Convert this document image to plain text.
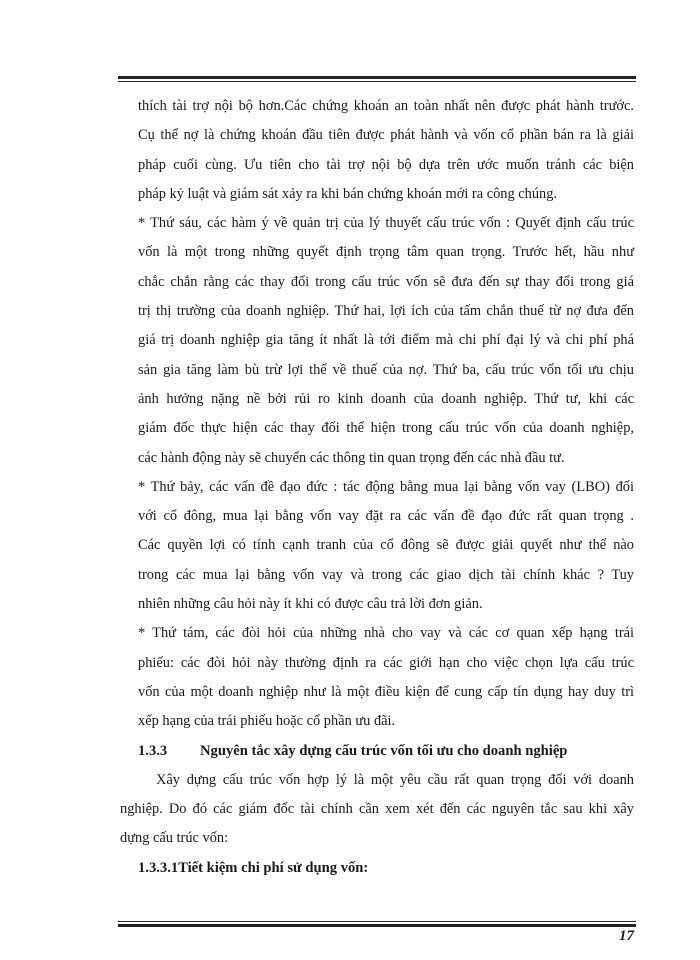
thích tài trợ nội bộ hơn.Các chứng khoán an toàn nhất nên được phát hành trước.
Cụ thể nợ là chứng khoán đầu tiên được phát hành và vốn cổ phần bán ra là giải
pháp cuối cùng. Ưu tiên cho tài trợ nội bộ dựa trên ước muốn tránh các biện
pháp kỷ luật và giám sát xảy ra khi bán chứng khoán mới ra công chúng.
* Thứ sáu, các hàm ý về quản trị của lý thuyết cấu trúc vốn : Quyết định cấu trúc
vốn là một trong những quyết định trọng tâm quan trọng. Trước hết, hầu như
chắc chắn rằng các thay đổi trong cấu trúc vốn sẽ đưa đến sự thay đổi trong giá
trị thị trường của doanh nghiệp. Thứ hai, lợi ích của tấm chắn thuế từ nợ đưa đến
giá trị doanh nghiệp gia tăng ít nhất là tới điểm mà chi phí đại lý và chi phí phá
sản gia tăng làm bù trừ lợi thế về thuế của nợ. Thứ ba, cấu trúc vốn tối ưu chịu
ảnh hưởng nặng nề bởi rủi ro kinh doanh của doanh nghiệp. Thứ tư, khi các
giám đốc thực hiện các thay đổi thể hiện trong cấu trúc vốn của doanh nghiệp,
các hành động này sẽ chuyển các thông tin quan trọng đến các nhà đầu tư.
* Thứ bảy, các vấn đề đạo đức : tác động bằng mua lại bằng vốn vay (LBO) đối
với cổ đông, mua lại bằng vốn vay đặt ra các vấn đề đạo đức rất quan trọng .
Các quyền lợi có tính cạnh tranh của cổ đông sẽ được giải quyết như thế nào
trong các mua lại bằng vốn vay và trong các giao dịch tài chính khác ? Tuy
nhiên những câu hỏi này ít khi có được câu trả lời đơn giản.
* Thứ tám, các đòi hỏi của những nhà cho vay và các cơ quan xếp hạng trái
phiếu: các đòi hỏi này thường định ra các giới hạn cho việc chọn lựa cấu trúc
vốn của một doanh nghiệp như là một điều kiện để cung cấp tín dụng hay duy trì
xếp hạng của trái phiếu hoặc cổ phần ưu đãi.
1.3.3 Nguyên tắc xây dựng cấu trúc vốn tối ưu cho doanh nghiệp
Xây dựng cấu trúc vốn hợp lý là một yêu cầu rất quan trọng đối với doanh
nghiệp. Do đó các giám đốc tài chính cần xem xét đến các nguyên tắc sau khi xây
dựng cấu trúc vốn:
1.3.3.1Tiết kiệm chi phí sử dụng vốn:
17
